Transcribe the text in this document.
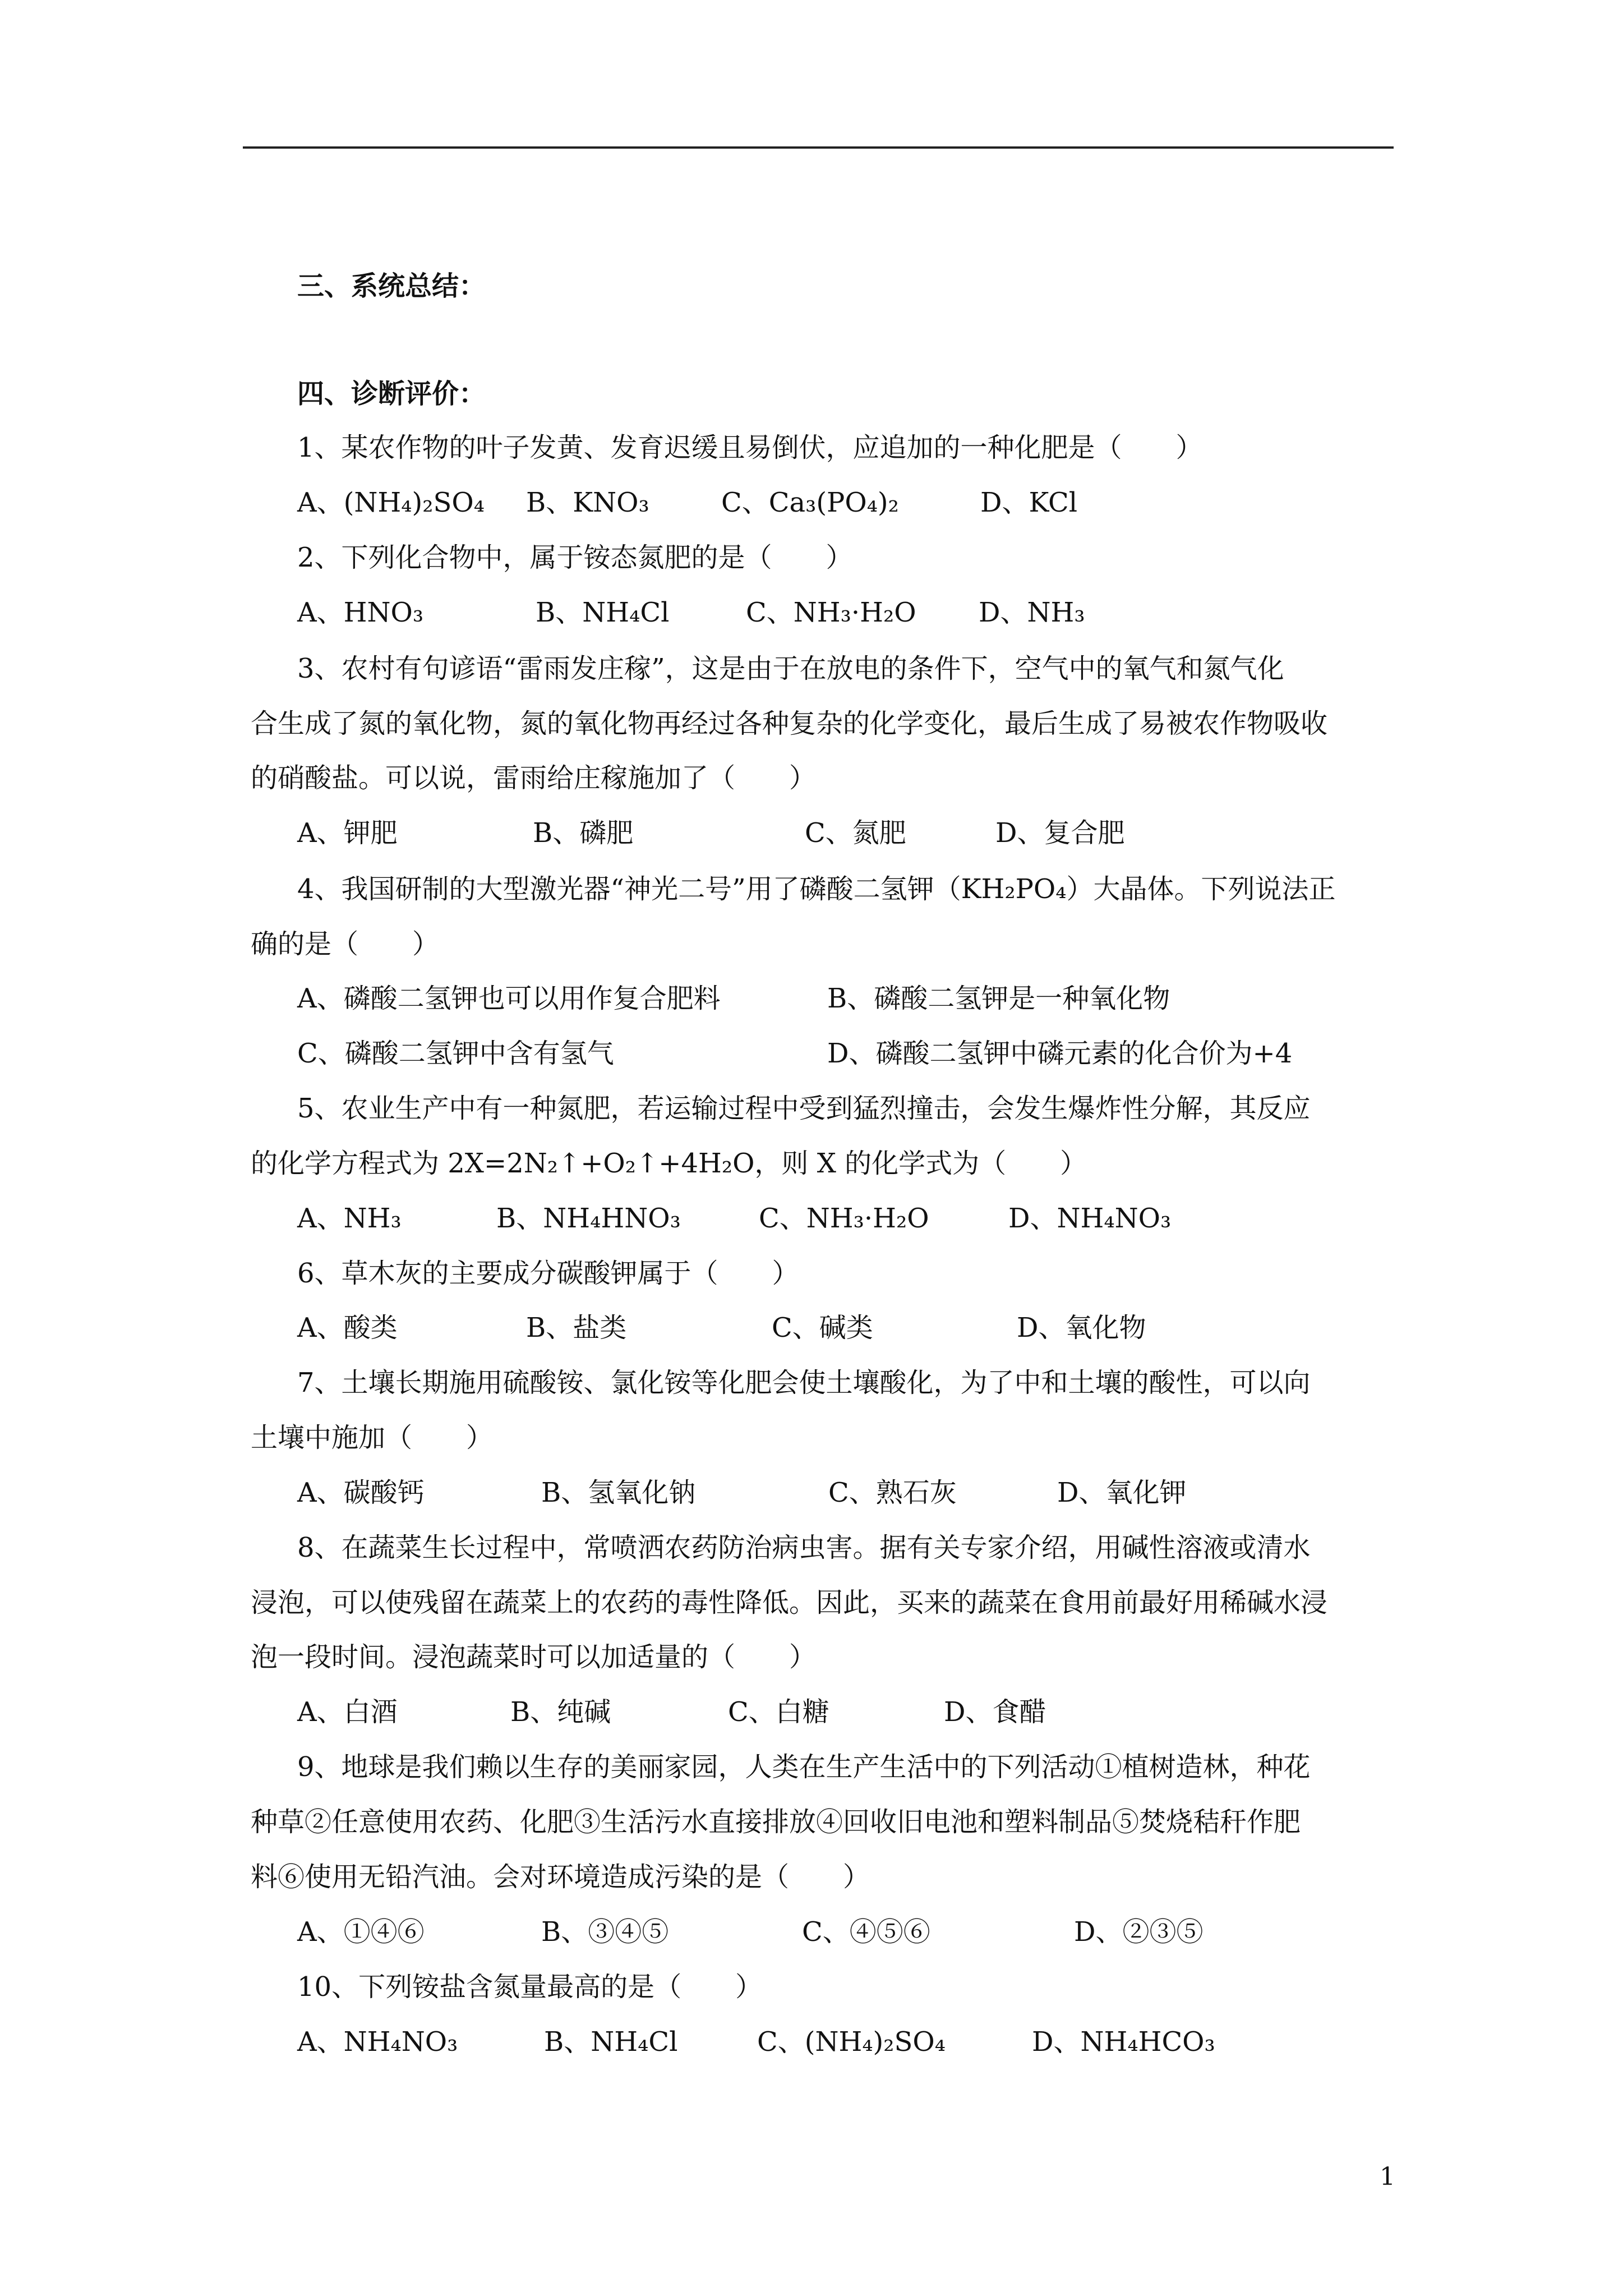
三、系统总结：
四、诊断评价：
1、某农作物的叶子发黄、发育迟缓且易倒伏，应追加的一种化肥是（　　）
A、(NH₄)₂SO₄	B、KNO₃	C、Ca₃(PO₄)₂	D、KCl
2、下列化合物中，属于铵态氮肥的是（　　）
A、HNO₃	B、NH₄Cl	C、NH₃·H₂O	D、NH₃
3、农村有句谚语“雷雨发庄稼”，这是由于在放电的条件下，空气中的氧气和氮气化
合生成了氮的氧化物，氮的氧化物再经过各种复杂的化学变化，最后生成了易被农作物吸收
的硝酸盐。可以说，雷雨给庄稼施加了（　　）
A、钾肥	B、磷肥	C、氮肥	D、复合肥
4、我国研制的大型激光器“神光二号”用了磷酸二氢钾（KH₂PO₄）大晶体。下列说法正
确的是（　　）
A、磷酸二氢钾也可以用作复合肥料	B、磷酸二氢钾是一种氧化物
C、磷酸二氢钾中含有氢气	D、磷酸二氢钾中磷元素的化合价为+4
5、农业生产中有一种氮肥，若运输过程中受到猛烈撞击，会发生爆炸性分解，其反应
的化学方程式为 2X=2N₂↑+O₂↑+4H₂O，则 X 的化学式为（　　）
A、NH₃	B、NH₄HNO₃	C、NH₃·H₂O	D、NH₄NO₃
6、草木灰的主要成分碳酸钾属于（　　）
A、酸类	B、盐类	C、碱类	D、氧化物
7、土壤长期施用硫酸铵、氯化铵等化肥会使土壤酸化，为了中和土壤的酸性，可以向
土壤中施加（　　）
A、碳酸钙	B、氢氧化钠	C、熟石灰	D、氧化钾
8、在蔬菜生长过程中，常喷洒农药防治病虫害。据有关专家介绍，用碱性溶液或清水
浸泡，可以使残留在蔬菜上的农药的毒性降低。因此，买来的蔬菜在食用前最好用稀碱水浸
泡一段时间。浸泡蔬菜时可以加适量的（　　）
A、白酒	B、纯碱	C、白糖	D、食醋
9、地球是我们赖以生存的美丽家园，人类在生产生活中的下列活动①植树造林，种花
种草②任意使用农药、化肥③生活污水直接排放④回收旧电池和塑料制品⑤焚烧秸秆作肥
料⑥使用无铅汽油。会对环境造成污染的是（　　）
A、①④⑥	B、③④⑤	C、④⑤⑥	D、②③⑤
10、下列铵盐含氮量最高的是（　　）
A、NH₄NO₃	B、NH₄Cl	C、(NH₄)₂SO₄	D、NH₄HCO₃
1
